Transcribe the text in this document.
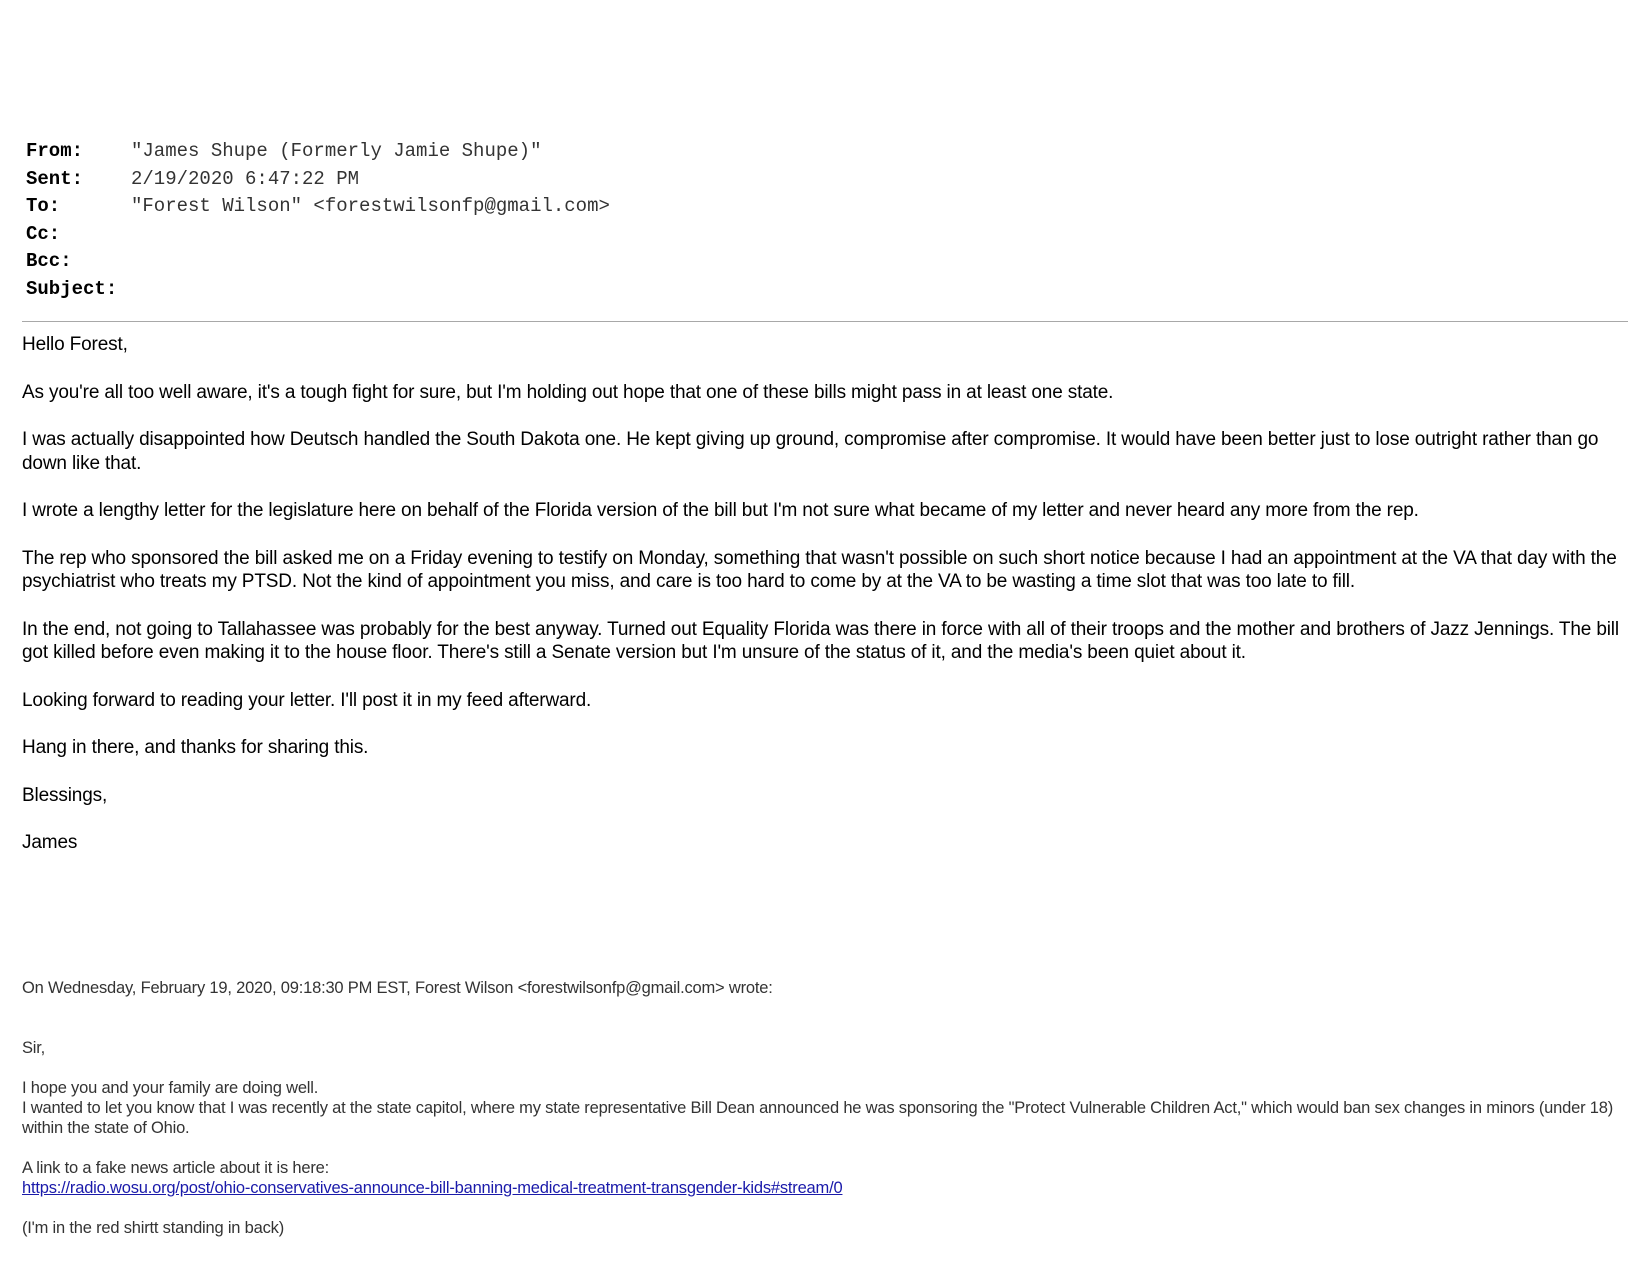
From:	"James Shupe (Formerly Jamie Shupe)"
Sent:	2/19/2020 6:47:22 PM
To:	"Forest Wilson" <forestwilsonfp@gmail.com>
Cc:
Bcc:
Subject:

Hello Forest,

As you're all too well aware, it's a tough fight for sure, but I'm holding out hope that one of these bills might pass in at least one state.

I was actually disappointed how Deutsch handled the South Dakota one. He kept giving up ground, compromise after compromise. It would have been better just to lose outright rather than go down like that.

I wrote a lengthy letter for the legislature here on behalf of the Florida version of the bill but I'm not sure what became of my letter and never heard any more from the rep.

The rep who sponsored the bill asked me on a Friday evening to testify on Monday, something that wasn't possible on such short notice because I had an appointment at the VA that day with the psychiatrist who treats my PTSD. Not the kind of appointment you miss, and care is too hard to come by at the VA to be wasting a time slot that was too late to fill.

In the end, not going to Tallahassee was probably for the best anyway. Turned out Equality Florida was there in force with all of their troops and the mother and brothers of Jazz Jennings. The bill got killed before even making it to the house floor. There's still a Senate version but I'm unsure of the status of it, and the media's been quiet about it.

Looking forward to reading your letter. I'll post it in my feed afterward.

Hang in there, and thanks for sharing this.

Blessings,

James

On Wednesday, February 19, 2020, 09:18:30 PM EST, Forest Wilson <forestwilsonfp@gmail.com> wrote:

Sir,

I hope you and your family are doing well.
I wanted to let you know that I was recently at the state capitol, where my state representative Bill Dean announced he was sponsoring the "Protect Vulnerable Children Act," which would ban sex changes in minors (under 18) within the state of Ohio.

A link to a fake news article about it is here:
https://radio.wosu.org/post/ohio-conservatives-announce-bill-banning-medical-treatment-transgender-kids#stream/0

(I'm in the red shirtt standing in back)
